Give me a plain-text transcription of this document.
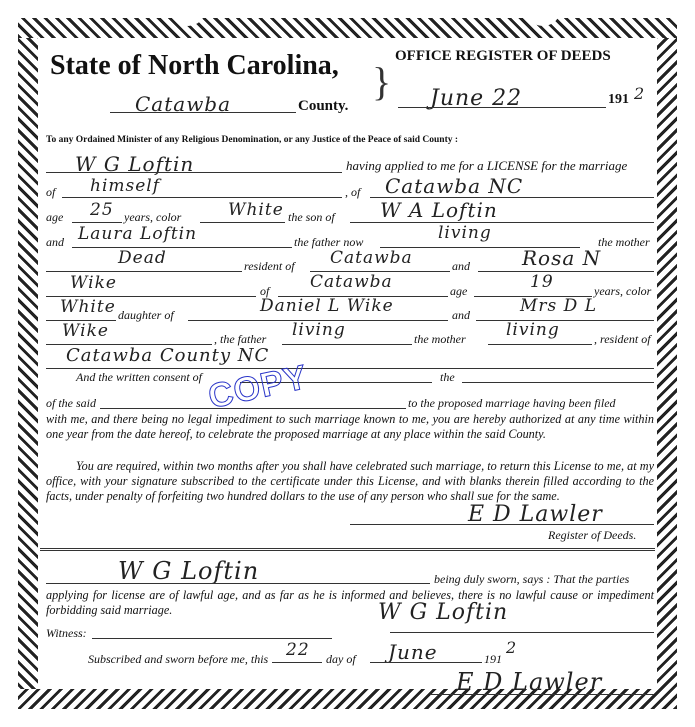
State of North Carolina,	OFFICE REGISTER OF DEEDS
}
Catawba	County.	June 22	191 2
To any Ordained Minister of any Religious Denomination, or any Justice of the Peace of said County :
W G Loftin	having applied to me for a LICENSE for the marriage
of himself	, of Catawba NC
age 25 years, color	White the son of W A Loftin
and Laura Loftin	the father now	living	the mother
Dead	resident of Catawba	and	Rosa N
Wike	of Catawba	age	19	years, color
White daughter of	Daniel L Wike	and	Mrs D L
Wike	, the father living	the mother living	, resident of
Catawba County NC
And the written consent of	the
of the said	to the proposed marriage having been filed
COPY
with me, and there being no legal impediment to such marriage known to me, you are hereby authorized at any time within one year from the date hereof, to celebrate the proposed marriage at any place within the said County.
You are required, within two months after you shall have celebrated such marriage, to return this License to me, at my office, with your signature subscribed to the certificate under this License, and with blanks therein filled according to the facts, under penalty of forfeiting two hundred dollars to the use of any person who shall sue for the same.
E D Lawler
Register of Deeds.
W G Loftin	being duly sworn, says : That the parties
applying for license are of lawful age, and as far as he is informed and believes, there is no lawful cause or impediment forbidding said marriage.	W G Loftin
Witness:
Subscribed and sworn before me, this 22 day of June	191
2
E D Lawler
